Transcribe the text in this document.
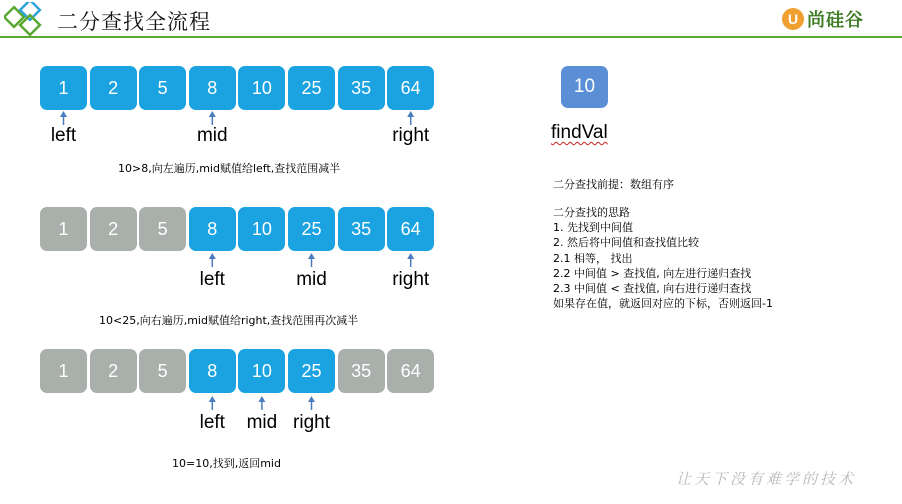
二分查找全流程	U 尚硅谷
1	2	5	8	10	25	35	64
left	mid	right
10>8,向左遍历,mid赋值给left,查找范围减半
1	2	5	8	10	25	35	64
left	mid	right
10<25,向右遍历,mid赋值给right,查找范围再次减半
1	2	5	8	10	25	35	64
left mid right
10=10,找到,返回mid
10
findVal
二分查找前提：数组有序
二分查找的思路
1. 先找到中间值
2. 然后将中间值和查找值比较
2.1 相等， 找出
2.2 中间值 > 查找值, 向左进行递归查找
2.3 中间值 < 查找值, 向右进行递归查找
如果存在值，就返回对应的下标，否则返回-1
让天下没有难学的技术
